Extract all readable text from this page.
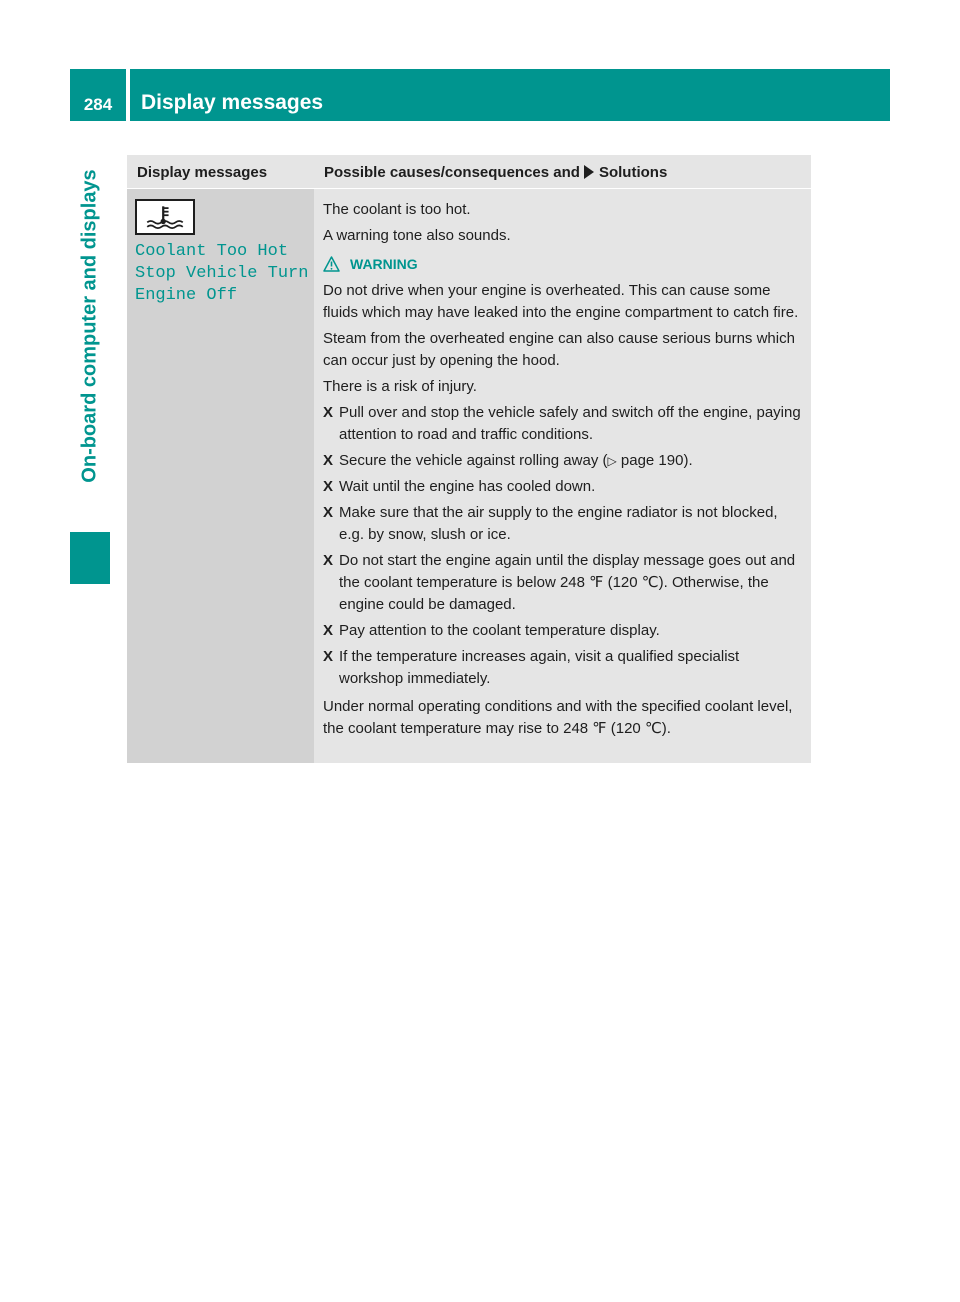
284	Display messages
On-board computer and displays	Display messages	Possible causes/consequences and Solutions
Coolant Too Hot
Stop Vehicle Turn
Engine Off

The coolant is too hot.

A warning tone also sounds.

WARNING

Do not drive when your engine is overheated. This can cause some fluids which may have leaked into the engine compartment to catch fire.

Steam from the overheated engine can also cause serious burns which can occur just by opening the hood.

There is a risk of injury.

X Pull over and stop the vehicle safely and switch off the engine, paying attention to road and traffic conditions.
X Secure the vehicle against rolling away (▷ page 190).
X Wait until the engine has cooled down.
X Make sure that the air supply to the engine radiator is not blocked, e.g. by snow, slush or ice.
X Do not start the engine again until the display message goes out and the coolant temperature is below 248 ℉ (120 ℃). Otherwise, the engine could be damaged.
X Pay attention to the coolant temperature display.
X If the temperature increases again, visit a qualified specialist workshop immediately.

Under normal operating conditions and with the specified coolant level, the coolant temperature may rise to 248 ℉ (120 ℃).
